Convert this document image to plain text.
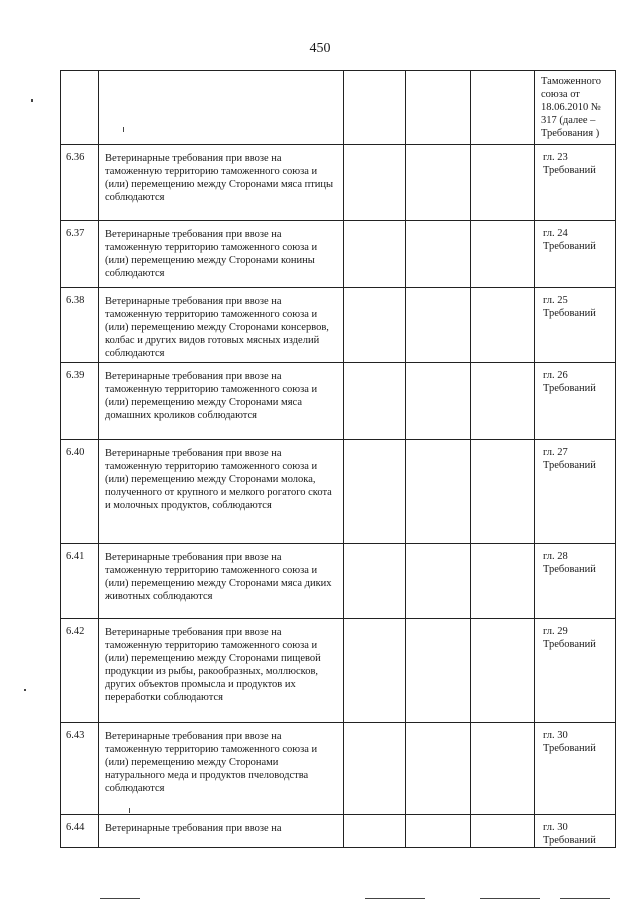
450
					Таможенного союза от 18.06.2010 № 317 (далее – Требования )
6.36	Ветеринарные требования при ввозе на таможенную территорию таможенного союза и (или) перемещению между Сторонами мяса птицы соблюдаются				гл. 23 Требований
6.37	Ветеринарные требования при ввозе на таможенную территорию таможенного союза и (или) перемещению между Сторонами конины соблюдаются				гл. 24 Требований
6.38	Ветеринарные требования при ввозе на таможенную территорию таможенного союза и (или) перемещению между Сторонами консервов, колбас и других видов готовых мясных изделий соблюдаются				гл. 25 Требований
6.39	Ветеринарные требования при ввозе на таможенную территорию таможенного союза и (или) перемещению между Сторонами мяса домашних кроликов соблюдаются				гл. 26 Требований
6.40	Ветеринарные требования при ввозе на таможенную территорию таможенного союза и (или) перемещению между Сторонами молока, полученного от крупного и мелкого рогатого скота и молочных продуктов, соблюдаются				гл. 27 Требований
6.41	Ветеринарные требования при ввозе на таможенную территорию таможенного союза и (или) перемещению между Сторонами мяса диких животных соблюдаются				гл. 28 Требований
6.42	Ветеринарные требования при ввозе на таможенную территорию таможенного союза и (или) перемещению между Сторонами пищевой продукции из рыбы, ракообразных, моллюсков, других объектов промысла и продуктов их переработки соблюдаются				гл. 29 Требований
6.43	Ветеринарные требования при ввозе на таможенную территорию таможенного союза и (или) перемещению между Сторонами натурального меда и продуктов пчеловодства соблюдаются				гл. 30 Требований
6.44	Ветеринарные требования при ввозе на				гл. 30 Требований
